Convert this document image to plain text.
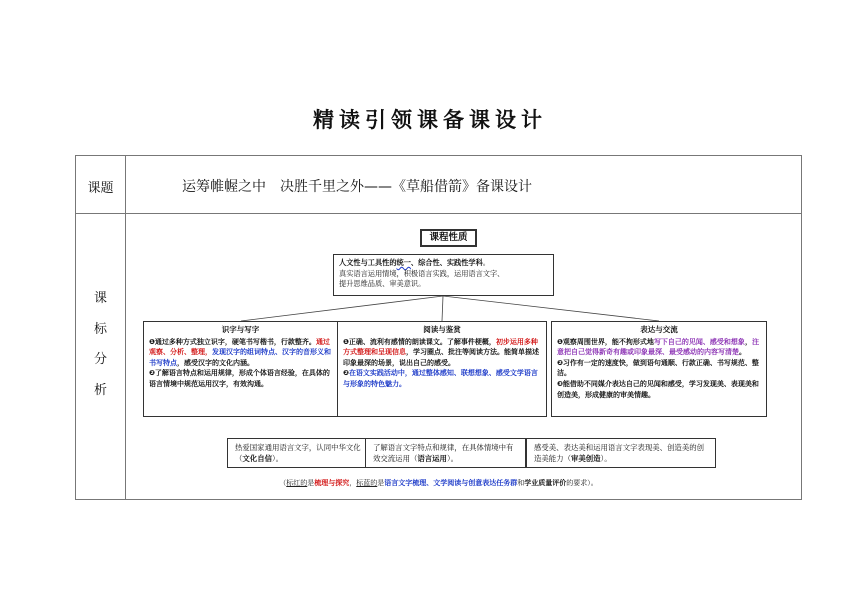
精读引领课备课设计
课题	运筹帷幄之中　决胜千里之外——《草船借箭》备课设计
课
标
分
析
课程性质
人文性与工具性的统一、综合性、实践性学科。
真实语言运用情境，积极语言实践，运用语言文字、
提升思维品质、审美意识。
识字与写字

❶通过多种方式独立识字，硬笔书写楷书，行款整齐。通过观察、分析、整理，发现汉字的组词特点、汉字的音形义和书写特点，感受汉字的文化内涵。

❷了解语言特点和运用规律，形成个体语言经验，在具体的语言情境中规范运用汉字，有效沟通。

阅读与鉴赏

❶正确、流利有感情的朗读课文。了解事件梗概，初步运用多种方式整理和呈现信息，学习圈点、批注等阅读方法。能简单描述印象最深的场景，说出自己的感受。

❷在语文实践活动中，通过整体感知、联想想象、感受文学语言与形象的特色魅力。

表达与交流

❶观察周围世界，能不拘形式地写下自己的见闻、感受和想象，注意把自己觉得新奇有趣或印象最深、最受感动的内容写清楚。

❷习作有一定的速度快，做到语句通顺、行款正确、书写规范、整洁。

❸能借助不同媒介表达自己的见闻和感受，学习发现美、表现美和创造美，形成健康的审美情趣。

热爱国家通用语言文字，认同中华文化（文化自信）。
了解语言文字特点和规律，在具体情境中有效交流运用（语言运用）。
感受美、表达美和运用语言文字表现美、创造美的创造美能力（审美创造）。
（标红的是梳理与探究，标蓝的是语言文字梳理、文学阅读与创意表达任务群和学业质量评价的要求）。
